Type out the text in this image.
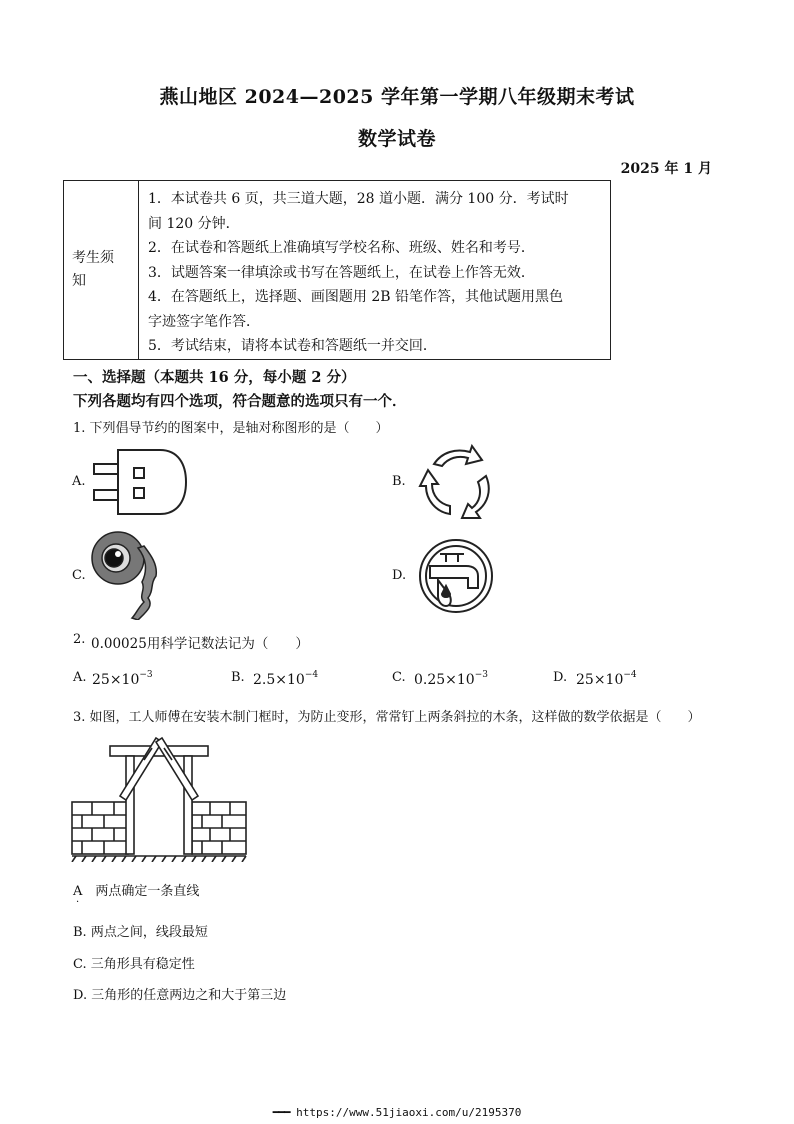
燕山地区 2024—2025 学年第一学期八年级期末考试
数学试卷
2025 年 1 月
考生须
知
1．本试卷共 6 页，共三道大题，28 道小题．满分 100 分．考试时
间 120 分钟．
2．在试卷和答题纸上准确填写学校名称、班级、姓名和考号．
3．试题答案一律填涂或书写在答题纸上，在试卷上作答无效．
4．在答题纸上，选择题、画图题用 2B 铅笔作答，其他试题用黑色
字迹签字笔作答．
5．考试结束，请将本试卷和答题纸一并交回．
一、选择题（本题共 16 分，每小题 2 分）
下列各题均有四个选项，符合题意的选项只有一个．
1. 下列倡导节约的图案中，是轴对称图形的是（　　）
A.	B.
C.	D.
2. 0.00025用科学记数法记为（　　）
A. $25\times 10^{-3}$	B. $2.5\times 10^{-4}$	C. $0.25\times 10^{-3}$	D. $25\times 10^{-4}$
3. 如图，工人师傅在安装木制门框时，为防止变形，常常钉上两条斜拉的木条，这样做的数学依据是（　　）
A　两点确定一条直线
·
B. 两点之间，线段最短
C. 三角形具有稳定性
D. 三角形的任意两边之和大于第三边
━━━ https://www.51jiaoxi.com/u/2195370
